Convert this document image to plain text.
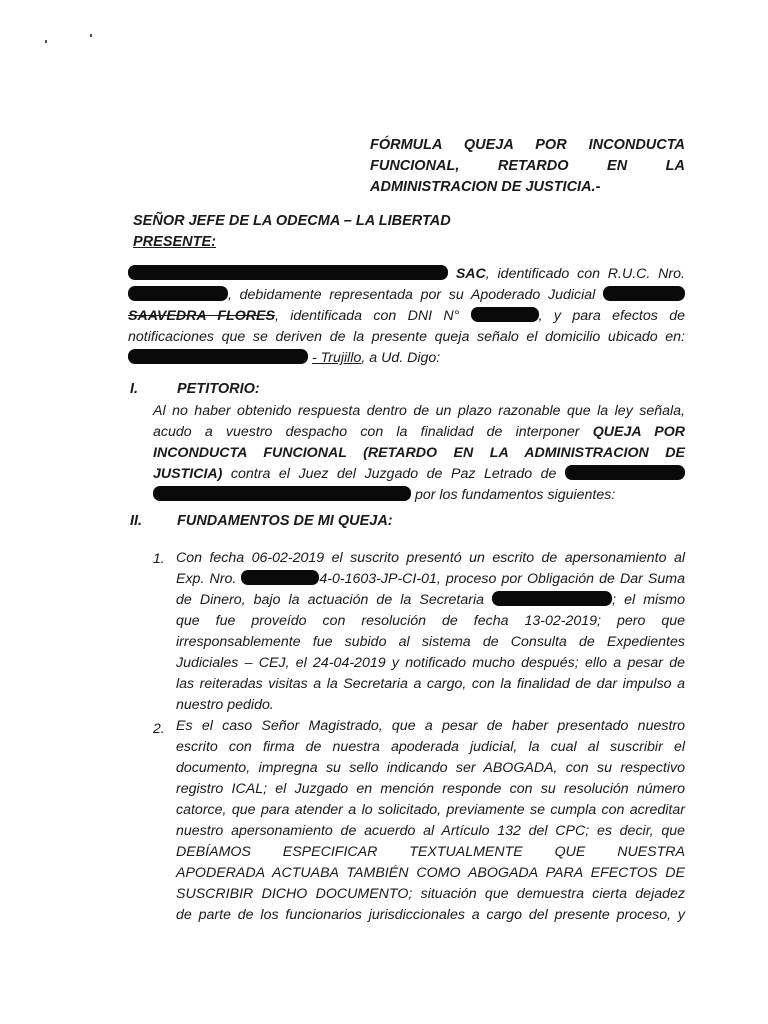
FÓRMULA QUEJA POR INCONDUCTA
FUNCIONAL, RETARDO EN LA
ADMINISTRACION DE JUSTICIA.-
SEÑOR JEFE DE LA ODECMA – LA LIBERTAD
PRESENTE:
SAC, identificado con R.U.C. Nro.
, debidamente representada por su Apoderado Judicial
SAAVEDRA FLORES, identificada con DNI N°	, y para efectos de
notificaciones que se deriven de la presente queja señalo el domicilio ubicado en:
- Trujillo, a Ud. Digo:
I.	PETITORIO:
Al no haber obtenido respuesta dentro de un plazo razonable que la ley señala,
acudo a vuestro despacho con la finalidad de interponer QUEJA POR
INCONDUCTA FUNCIONAL (RETARDO EN LA ADMINISTRACION DE
JUSTICIA) contra el Juez del Juzgado de Paz Letrado de
por los fundamentos siguientes:
II. FUNDAMENTOS DE MI QUEJA:
1. Con fecha 06-02-2019 el suscrito presentó un escrito de apersonamiento al
Exp. Nro.	4-0-1603-JP-CI-01, proceso por Obligación de Dar Suma
de Dinero, bajo la actuación de la Secretaria	; el mismo
que fue proveído con resolución de fecha 13-02-2019; pero que
irresponsablemente fue subido al sistema de Consulta de Expedientes
Judiciales – CEJ, el 24-04-2019 y notificado mucho después; ello a pesar de
las reiteradas visitas a la Secretaria a cargo, con la finalidad de dar impulso a
nuestro pedido.
2. Es el caso Señor Magistrado, que a pesar de haber presentado nuestro
escrito con firma de nuestra apoderada judicial, la cual al suscribir el
documento, impregna su sello indicando ser ABOGADA, con su respectivo
registro ICAL; el Juzgado en mención responde con su resolución número
catorce, que para atender a lo solicitado, previamente se cumpla con acreditar
nuestro apersonamiento de acuerdo al Artículo 132 del CPC; es decir, que
DEBÍAMOS ESPECIFICAR TEXTUALMENTE QUE NUESTRA
APODERADA ACTUABA TAMBIÉN COMO ABOGADA PARA EFECTOS DE
SUSCRIBIR DICHO DOCUMENTO; situación que demuestra cierta dejadez
de parte de los funcionarios jurisdiccionales a cargo del presente proceso, y
